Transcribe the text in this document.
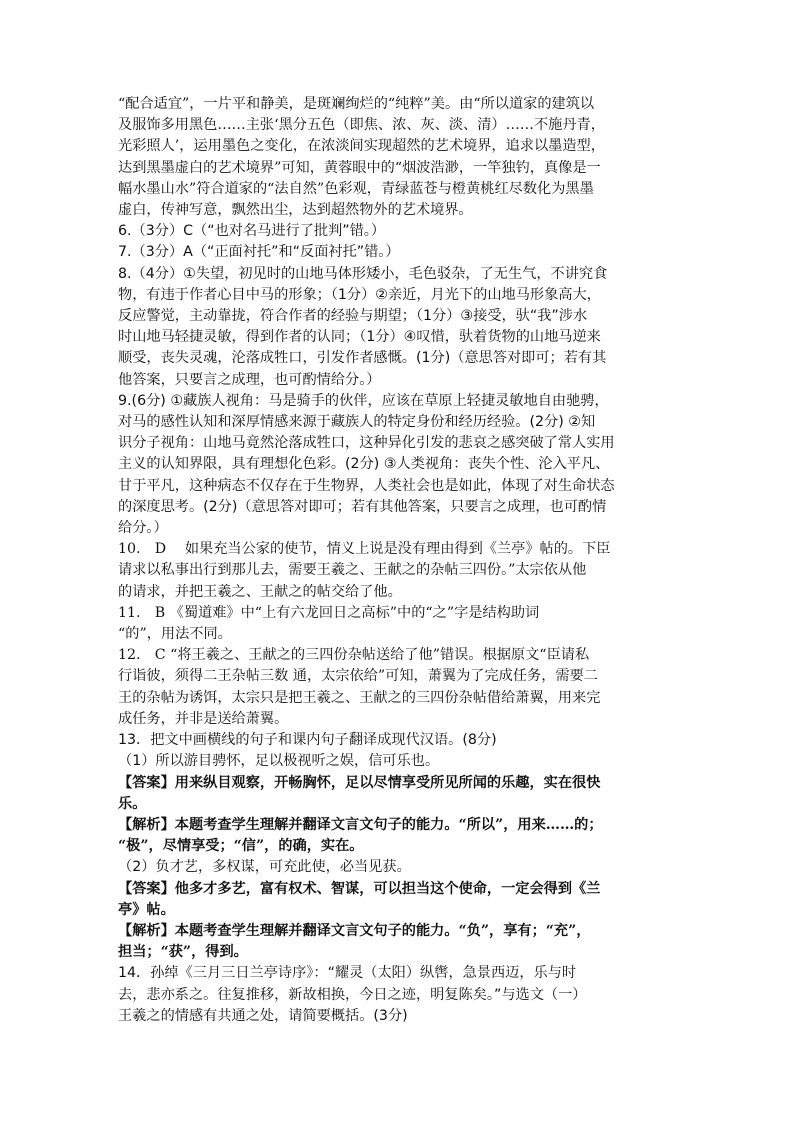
“配合适宜”，一片平和静美，是斑斓绚烂的“纯粹”美。由“所以道家的建筑以
及服饰多用黑色……主张‘黑分五色（即焦、浓、灰、淡、清）……不施丹青，
光彩照人’，运用墨色之变化，在浓淡间实现超然的艺术境界，追求以墨造型，
达到黑墨虚白的艺术境界”可知，黄蓉眼中的“烟波浩渺，一竿独钓，真像是一
幅水墨山水”符合道家的“法自然”色彩观，青绿蓝苍与橙黄桃红尽数化为黑墨
虚白，传神写意，飘然出尘，达到超然物外的艺术境界。
6.（3分）C（“也对名马进行了批判”错。）
7.（3分）A（“正面衬托”和“反面衬托”错。）
8.（4分）①失望，初见时的山地马体形矮小，毛色驳杂，了无生气，不讲究食
物，有违于作者心目中马的形象；（1分）②亲近，月光下的山地马形象高大，
反应警觉，主动靠拢，符合作者的经验与期望；（1分）③接受，驮“我”涉水
时山地马轻捷灵敏，得到作者的认同；（1分）④叹惜，驮着货物的山地马逆来
顺受，丧失灵魂，沦落成牲口，引发作者感慨。(1分)（意思答对即可；若有其
他答案，只要言之成理，也可酌情给分。）
9.(6分) ①藏族人视角：马是骑手的伙伴，应该在草原上轻捷灵敏地自由驰骋，
对马的感性认知和深厚情感来源于藏族人的特定身份和经历经验。(2分) ②知
识分子视角：山地马竟然沦落成牲口，这种异化引发的悲哀之感突破了常人实用
主义的认知界限，具有理想化色彩。(2分) ③人类视角：丧失个性、沦入平凡、
甘于平凡，这种病态不仅存在于生物界，人类社会也是如此，体现了对生命状态
的深度思考。(2分)（意思答对即可；若有其他答案，只要言之成理，也可酌情
给分。）
10.　D　 如果充当公家的使节，情义上说是没有理由得到《兰亭》帖的。下臣
请求以私事出行到那儿去，需要王羲之、王献之的杂帖三四份。”太宗依从他
的请求，并把王羲之、王献之的帖交给了他。
11.　B 《蜀道难》中“上有六龙回日之高标”中的“之”字是结构助词
“的”，用法不同。
12.　C “将王羲之、王献之的三四份杂帖送给了他”错误。根据原文“臣请私
行诣彼，须得二王杂帖三数 通，太宗依给”可知，萧翼为了完成任务，需要二
王的杂帖为诱饵，太宗只是把王羲之、王献之的三四份杂帖借给萧翼，用来完
成任务，并非是送给萧翼。
13．把文中画横线的句子和课内句子翻译成现代汉语。(8分)
（1）所以游目骋怀，足以极视听之娱，信可乐也。
【答案】用来纵目观察，开畅胸怀，足以尽情享受所见所闻的乐趣，实在很快
乐。
【解析】本题考查学生理解并翻译文言文句子的能力。“所以”，用来……的；
“极”，尽情享受；“信”，的确，实在。
（2）负才艺，多权谋，可充此使，必当见获。
【答案】他多才多艺，富有权术、智谋，可以担当这个使命，一定会得到《兰
亭》帖。
【解析】本题考查学生理解并翻译文言文句子的能力。“负”，享有；“充”，
担当；“获”，得到。
14．孙绰《三月三日兰亭诗序》：“耀灵（太阳）纵辔，急景西迈，乐与时
去，悲亦系之。往复推移，新故相换，今日之迹，明复陈矣。”与选文（一）
王羲之的情感有共通之处，请简要概括。(3分)
